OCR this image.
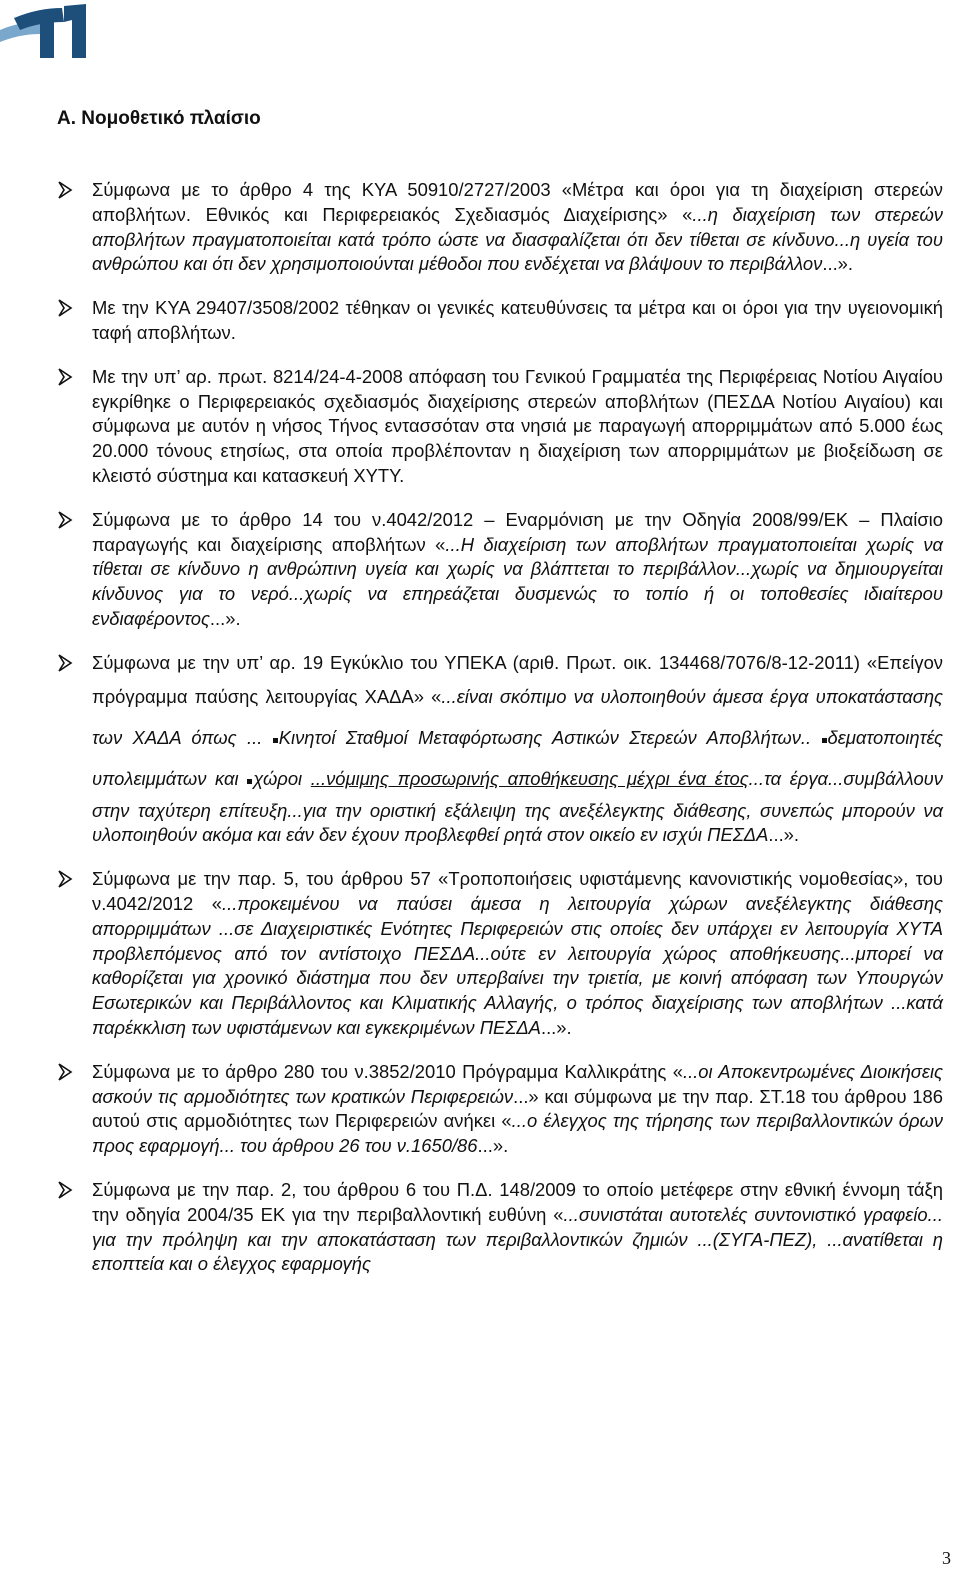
Α. Νομοθετικό πλαίσιο
Σύμφωνα με το άρθρο 4 της ΚΥΑ 50910/2727/2003 «Μέτρα και όροι για τη διαχείριση στερεών αποβλήτων. Εθνικός και Περιφερειακός Σχεδιασμός Διαχείρισης» «...η διαχείριση των στερεών αποβλήτων πραγματοποιείται κατά τρόπο ώστε να διασφαλίζεται ότι δεν τίθεται σε κίνδυνο...η υγεία του ανθρώπου και ότι δεν χρησιμοποιούνται μέθοδοι που ενδέχεται να βλάψουν το περιβάλλον...».
Με την ΚΥΑ 29407/3508/2002 τέθηκαν οι γενικές κατευθύνσεις τα μέτρα και οι όροι για την υγειονομική ταφή αποβλήτων.
Με την υπ’ αρ. πρωτ. 8214/24-4-2008 απόφαση του Γενικού Γραμματέα της Περιφέρειας Νοτίου Αιγαίου εγκρίθηκε ο Περιφερειακός σχεδιασμός διαχείρισης στερεών αποβλήτων (ΠΕΣΔΑ Νοτίου Αιγαίου) και σύμφωνα με αυτόν η νήσος Τήνος εντασσόταν στα νησιά με παραγωγή απορριμμάτων από 5.000 έως 20.000 τόνους ετησίως, στα οποία προβλέπονταν η διαχείριση των απορριμμάτων με βιοξείδωση σε κλειστό σύστημα και κατασκευή ΧΥΤΥ.
Σύμφωνα με το άρθρο 14 του ν.4042/2012 – Εναρμόνιση με την Οδηγία 2008/99/ΕΚ – Πλαίσιο παραγωγής και διαχείρισης αποβλήτων «...Η διαχείριση των αποβλήτων πραγματοποιείται χωρίς να τίθεται σε κίνδυνο η ανθρώπινη υγεία και χωρίς να βλάπτεται το περιβάλλον...χωρίς να δημιουργείται κίνδυνος για το νερό...χωρίς να επηρεάζεται δυσμενώς το τοπίο ή οι τοποθεσίες ιδιαίτερου ενδιαφέροντος...».
Σύμφωνα με την υπ’ αρ. 19 Εγκύκλιο του ΥΠΕΚΑ (αριθ. Πρωτ. οικ. 134468/7076/8-12-2011) «Επείγον πρόγραμμα παύσης λειτουργίας ΧΑΔΑ» «...είναι σκόπιμο να υλοποιηθούν άμεσα έργα υποκατάστασης των ΧΑΔΑ όπως ... Κινητοί Σταθμοί Μεταφόρτωσης Αστικών Στερεών Αποβλήτων.. δεματοποιητές υπολειμμάτων και χώροι ...νόμιμης προσωρινής αποθήκευσης μέχρι ένα έτος...τα έργα...συμβάλλουν στην ταχύτερη επίτευξη...για την οριστική εξάλειψη της ανεξέλεγκτης διάθεσης, συνεπώς μπορούν να υλοποιηθούν ακόμα και εάν δεν έχουν προβλεφθεί ρητά στον οικείο εν ισχύι ΠΕΣΔΑ...».
Σύμφωνα με την παρ. 5, του άρθρου 57 «Τροποποιήσεις υφιστάμενης κανονιστικής νομοθεσίας», του ν.4042/2012 «...προκειμένου να παύσει άμεσα η λειτουργία χώρων ανεξέλεγκτης διάθεσης απορριμμάτων ...σε Διαχειριστικές Ενότητες Περιφερειών στις οποίες δεν υπάρχει εν λειτουργία ΧΥΤΑ προβλεπόμενος από τον αντίστοιχο ΠΕΣΔΑ...ούτε εν λειτουργία χώρος αποθήκευσης...μπορεί να καθορίζεται για χρονικό διάστημα που δεν υπερβαίνει την τριετία, με κοινή απόφαση των Υπουργών Εσωτερικών και Περιβάλλοντος και Κλιματικής Αλλαγής, ο τρόπος διαχείρισης των αποβλήτων ...κατά παρέκκλιση των υφιστάμενων και εγκεκριμένων ΠΕΣΔΑ...».
Σύμφωνα με το άρθρο 280 του ν.3852/2010 Πρόγραμμα Καλλικράτης «...οι Αποκεντρωμένες Διοικήσεις ασκούν τις αρμοδιότητες των κρατικών Περιφερειών...» και σύμφωνα με την παρ. ΣΤ.18 του άρθρου 186 αυτού στις αρμοδιότητες των Περιφερειών ανήκει «...ο έλεγχος της τήρησης των περιβαλλοντικών όρων προς εφαρμογή... του άρθρου 26 του ν.1650/86...».
Σύμφωνα με την παρ. 2, του άρθρου 6 του Π.Δ. 148/2009 το οποίο μετέφερε στην εθνική έννομη τάξη την οδηγία 2004/35 ΕΚ για την περιβαλλοντική ευθύνη «...συνιστάται αυτοτελές συντονιστικό γραφείο... για την πρόληψη και την αποκατάσταση των περιβαλλοντικών ζημιών ...(ΣΥΓΑ-ΠΕΖ), ...ανατίθεται η εποπτεία και ο έλεγχος εφαρμογής
3
